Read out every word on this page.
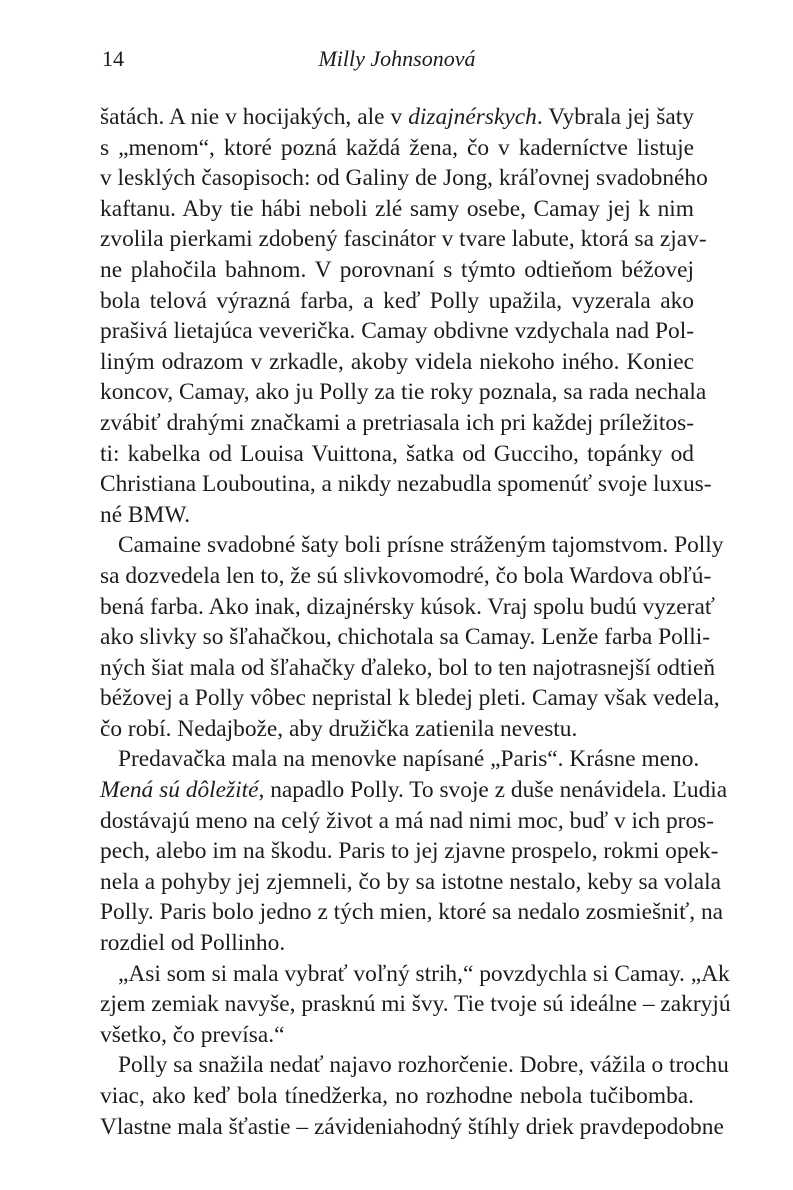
14	Milly Johnsonová

šatách. A nie v hocijakých, ale v dizajnérskych. Vybrala jej šaty
s „menom“, ktoré pozná každá žena, čo v kaderníctve listuje
v lesklých časopisoch: od Galiny de Jong, kráľovnej svadobného
kaftanu. Aby tie hábi neboli zlé samy osebe, Camay jej k nim
zvolila pierkami zdobený fascinátor v tvare labute, ktorá sa zjav-
ne plahočila bahnom. V porovnaní s týmto odtieňom béžovej
bola telová výrazná farba, a keď Polly upažila, vyzerala ako
prašivá lietajúca veverička. Camay obdivne vzdychala nad Pol-
liným odrazom v zrkadle, akoby videla niekoho iného. Koniec
koncov, Camay, ako ju Polly za tie roky poznala, sa rada nechala
zvábiť drahými značkami a pretriasala ich pri každej príležitos-
ti: kabelka od Louisa Vuittona, šatka od Gucciho, topánky od
Christiana Louboutina, a nikdy nezabudla spomenúť svoje luxus-
né BMW.

Camaine svadobné šaty boli prísne stráženým tajomstvom. Polly
sa dozvedela len to, že sú slivkovomodré, čo bola Wardova obľú-
bená farba. Ako inak, dizajnérsky kúsok. Vraj spolu budú vyzerať
ako slivky so šľahačkou, chichotala sa Camay. Lenže farba Polli-
ných šiat mala od šľahačky ďaleko, bol to ten najotrasnejší odtieň
béžovej a Polly vôbec nepristal k bledej pleti. Camay však vedela,
čo robí. Nedajbože, aby družička zatienila nevestu.

Predavačka mala na menovke napísané „Paris“. Krásne meno.
Mená sú dôležité, napadlo Polly. To svoje z duše nenávidela. Ľudia
dostávajú meno na celý život a má nad nimi moc, buď v ich pros-
pech, alebo im na škodu. Paris to jej zjavne prospelo, rokmi opek-
nela a pohyby jej zjemneli, čo by sa istotne nestalo, keby sa volala
Polly. Paris bolo jedno z tých mien, ktoré sa nedalo zosmiešniť, na
rozdiel od Pollinho.

„Asi som si mala vybrať voľný strih,“ povzdychla si Camay. „Ak
zjem zemiak navyše, prasknú mi švy. Tie tvoje sú ideálne – zakryjú
všetko, čo prevísa.“

Polly sa snažila nedať najavo rozhorčenie. Dobre, vážila o trochu
viac, ako keď bola tínedžerka, no rozhodne nebola tučibomba.
Vlastne mala šťastie – závideniahodný štíhly driek pravdepodobne
